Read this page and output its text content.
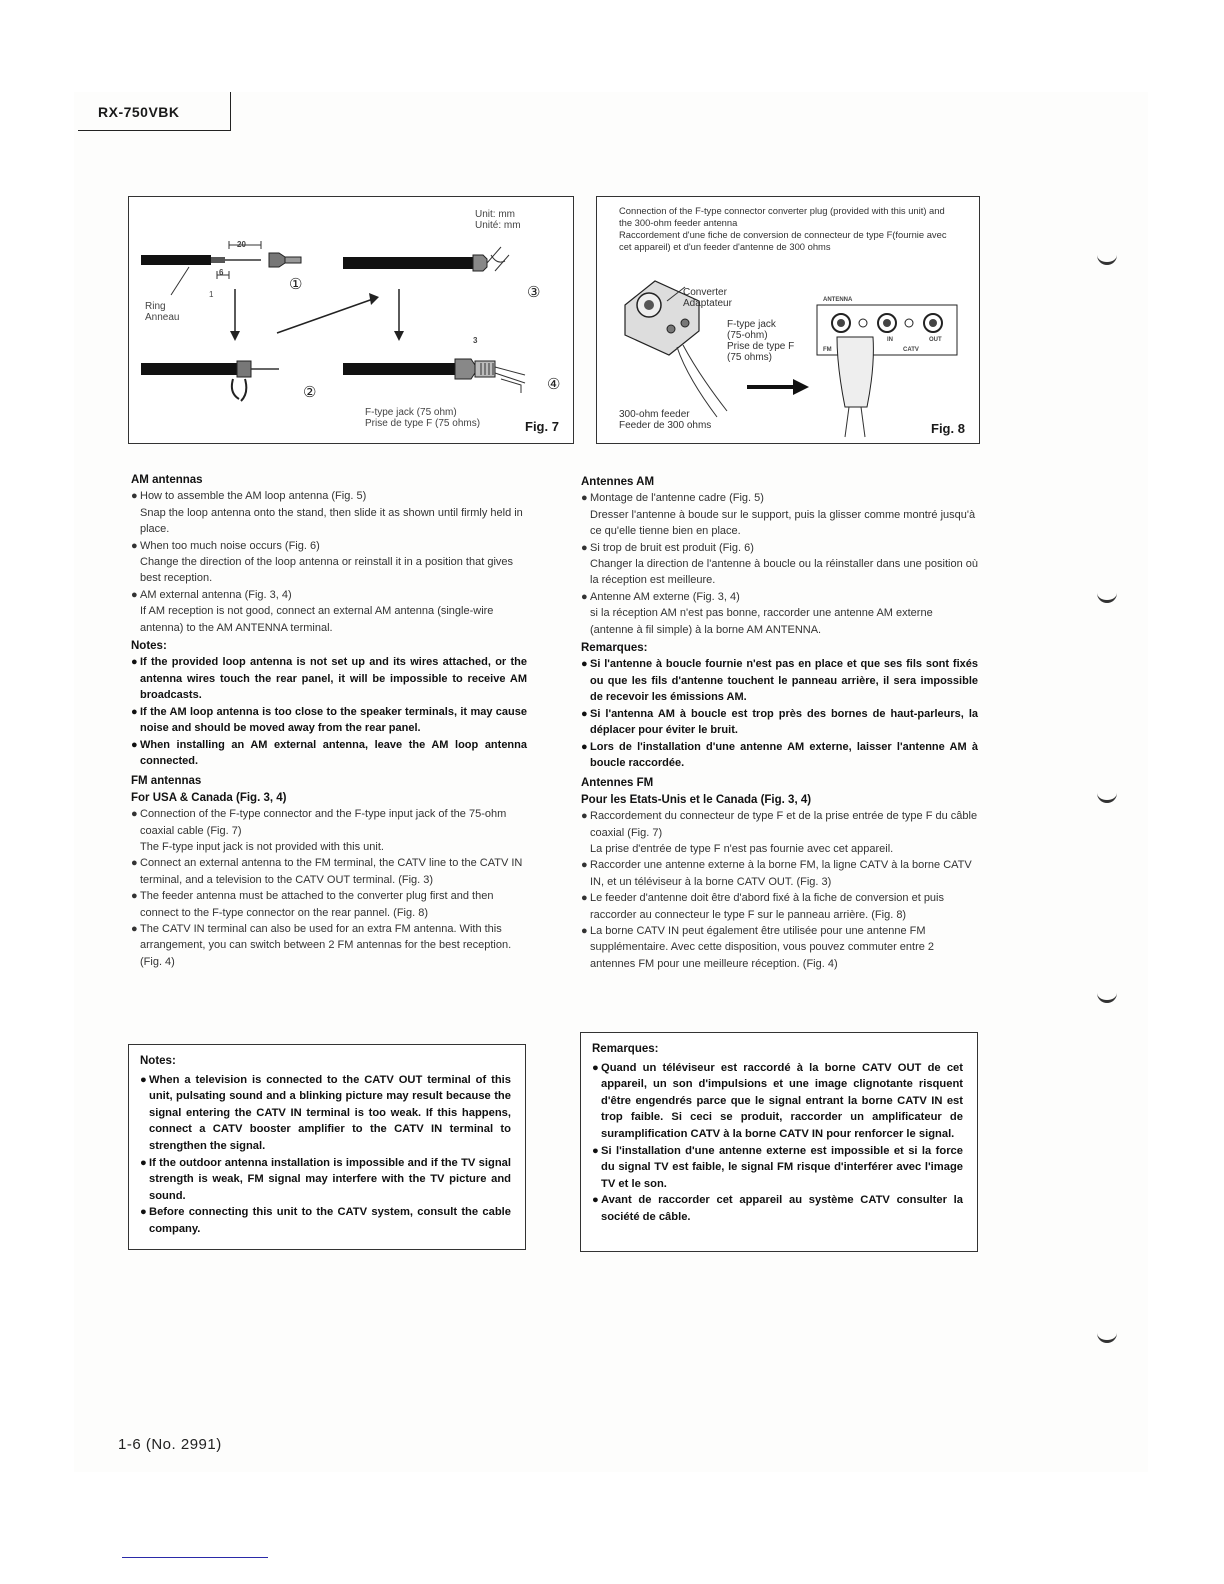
RX-750VBK
Unit: mm
Unité: mm
20
6
1
3
Ring
Anneau
①
②
③
④
F-type jack (75 ohm)
Prise de type F (75 ohms)	Fig. 7

Connection of the F-type connector converter plug (provided with this unit) and the 300-ohm feeder antenna

Raccordement d'une fiche de conversion de connecteur de type F(fournie avec cet appareil) et d'un feeder d'antenne de 300 ohms

Converter
Adaptateur
F-type jack
(75-ohm)
Prise de type F
(75 ohms)
ANTENNA
FM
IN	OUT
CATV
300-ohm feeder
Feeder de 300 ohms	Fig. 8
AM antennas
● How to assemble the AM loop antenna (Fig. 5)
Snap the loop antenna onto the stand, then slide it as shown until firmly held in place.
● When too much noise occurs (Fig. 6)
Change the direction of the loop antenna or reinstall it in a position that gives best reception.
● AM external antenna (Fig. 3, 4)
If AM reception is not good, connect an external AM antenna (single-wire antenna) to the AM ANTENNA terminal.
Notes:
● If the provided loop antenna is not set up and its wires attached, or the antenna wires touch the rear panel, it will be impossible to receive AM broadcasts.
● If the AM loop antenna is too close to the speaker terminals, it may cause noise and should be moved away from the rear panel.
● When installing an AM external antenna, leave the AM loop antenna connected.
FM antennas
For USA & Canada (Fig. 3, 4)
● Connection of the F-type connector and the F-type input jack of the 75-ohm coaxial cable (Fig. 7)
The F-type input jack is not provided with this unit.
● Connect an external antenna to the FM terminal, the CATV line to the CATV IN terminal, and a television to the CATV OUT terminal. (Fig. 3)
● The feeder antenna must be attached to the converter plug first and then connect to the F-type connector on the rear pannel. (Fig. 8)
● The CATV IN terminal can also be used for an extra FM antenna. With this arrangement, you can switch between 2 FM antennas for the best reception. (Fig. 4)
Antennes AM
● Montage de l'antenne cadre (Fig. 5)
Dresser l'antenne à boude sur le support, puis la glisser comme montré jusqu'à ce qu'elle tienne bien en place.
● Si trop de bruit est produit (Fig. 6)
Changer la direction de l'antenne à boucle ou la réinstaller dans une position où la réception est meilleure.
● Antenne AM externe (Fig. 3, 4)
si la réception AM n'est pas bonne, raccorder une antenne AM externe (antenne à fil simple) à la borne AM ANTENNA.
Remarques:
● Si l'antenne à boucle fournie n'est pas en place et que ses fils sont fixés ou que les fils d'antenne touchent le panneau arrière, il sera impossible de recevoir les émissions AM.
● Si l'antenna AM à boucle est trop près des bornes de haut-parleurs, la déplacer pour éviter le bruit.
● Lors de l'installation d'une antenne AM externe, laisser l'antenne AM à boucle raccordée.
Antennes FM
Pour les Etats-Unis et le Canada (Fig. 3, 4)
● Raccordement du connecteur de type F et de la prise entrée de type F du câble coaxial (Fig. 7)
La prise d'entrée de type F n'est pas fournie avec cet appareil.
● Raccorder une antenne externe à la borne FM, la ligne CATV à la borne CATV IN, et un téléviseur à la borne CATV OUT. (Fig. 3)
● Le feeder d'antenne doit être d'abord fixé à la fiche de conversion et puis raccorder au connecteur le type F sur le panneau arrière. (Fig. 8)
● La borne CATV IN peut également être utilisée pour une antenne FM supplémentaire. Avec cette disposition, vous pouvez commuter entre 2 antennes FM pour une meilleure réception. (Fig. 4)
Notes:
● When a television is connected to the CATV OUT terminal of this unit, pulsating sound and a blinking picture may result because the signal entering the CATV IN terminal is too weak. If this happens, connect a CATV booster amplifier to the CATV IN terminal to strengthen the signal.
● If the outdoor antenna installation is impossible and if the TV signal strength is weak, FM signal may interfere with the TV picture and sound.
● Before connecting this unit to the CATV system, consult the cable company.
Remarques:
● Quand un téléviseur est raccordé à la borne CATV OUT de cet appareil, un son d'impulsions et une image clignotante risquent d'être engendrés parce que le signal entrant la borne CATV IN est trop faible. Si ceci se produit, raccorder un amplificateur de suramplification CATV à la borne CATV IN pour renforcer le signal.
● Si l'installation d'une antenne externe est impossible et si la force du signal TV est faible, le signal FM risque d'interférer avec l'image TV et le son.
● Avant de raccorder cet appareil au système CATV consulter la société de câble.
1-6 (No. 2991)
